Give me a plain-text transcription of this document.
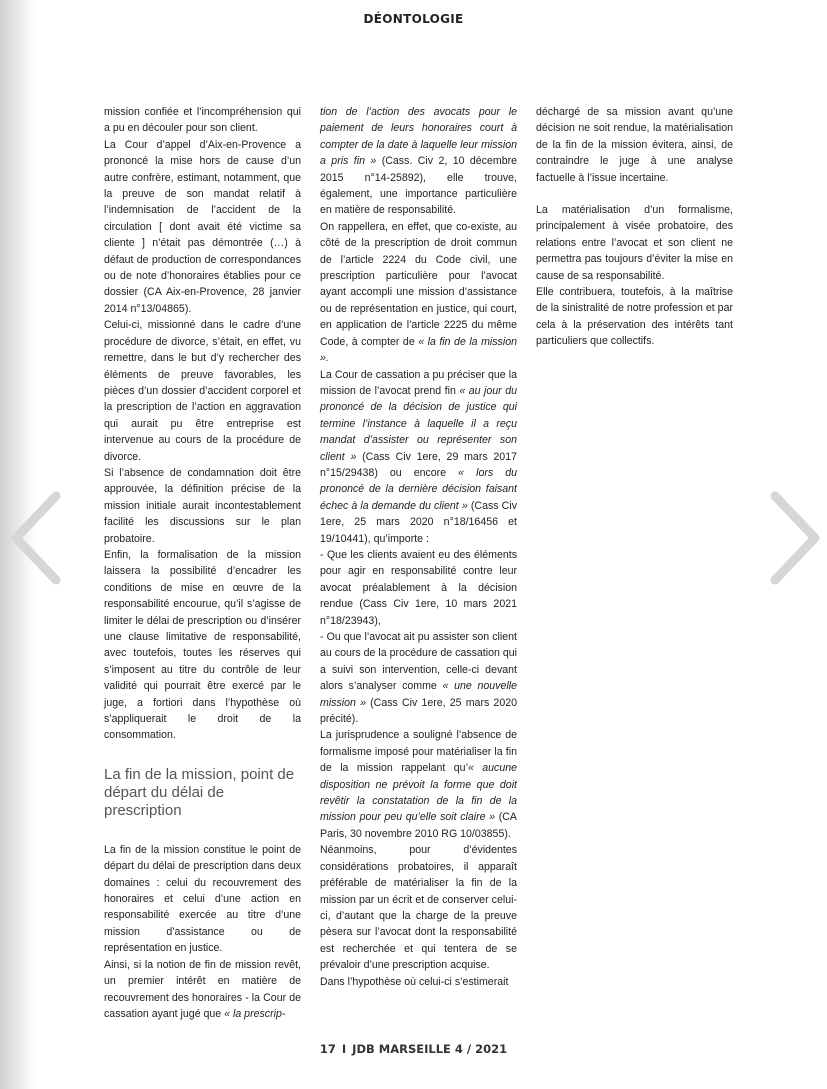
DÉONTOLOGIE

mission confiée et l’incompréhension qui a pu en découler pour son client.

La Cour d’appel d’Aix-en-Provence a prononcé la mise hors de cause d’un autre confrère, estimant, notamment, que la preuve de son mandat relatif à l’indemnisation de l’accident de la circulation [ dont avait été victime sa cliente ] n’était pas démontrée (…) à défaut de production de correspondances ou de note d’honoraires établies pour ce dossier (CA Aix-en-Provence, 28 janvier 2014 n°13/04865).

Celui-ci, missionné dans le cadre d’une procédure de divorce, s’était, en effet, vu remettre, dans le but d’y rechercher des éléments de preuve favorables, les pièces d’un dossier d’accident corporel et la prescription de l’action en aggravation qui aurait pu être entreprise est intervenue au cours de la procédure de divorce.

Si l’absence de condamnation doit être approuvée, la définition précise de la mission initiale aurait incontestablement facilité les discussions sur le plan probatoire.

Enfin, la formalisation de la mission laissera la possibilité d’encadrer les conditions de mise en œuvre de la responsabilité encourue, qu’il s’agisse de limiter le délai de prescription ou d’insérer une clause limitative de responsabilité, avec toutefois, toutes les réserves qui s’imposent au titre du contrôle de leur validité qui pourrait être exercé par le juge, a fortiori dans l’hypothèse où s’appliquerait le droit de la consommation.

La fin de la mission, point de départ du délai de prescription

La fin de la mission constitue le point de départ du délai de prescription dans deux domaines : celui du recouvrement des honoraires et celui d’une action en responsabilité exercée au titre d’une mission d’assistance ou de représentation en justice.

Ainsi, si la notion de fin de mission revêt, un premier intérêt en matière de recouvrement des honoraires - la Cour de cassation ayant jugé que « la prescrip-

tion de l’action des avocats pour le paiement de leurs honoraires court à compter de la date à laquelle leur mission a pris fin » (Cass. Civ 2, 10 décembre 2015 n°14-25892), elle trouve, également, une importance particulière en matière de responsabilité.

On rappellera, en effet, que co-existe, au côté de la prescription de droit commun de l’article 2224 du Code civil, une prescription particulière pour l’avocat ayant accompli une mission d’assistance ou de représentation en justice, qui court, en application de l’article 2225 du même Code, à compter de « la fin de la mission ».

La Cour de cassation a pu préciser que la mission de l’avocat prend fin « au jour du prononcé de la décision de justice qui termine l’instance à laquelle il a reçu mandat d’assister ou représenter son client » (Cass Civ 1ere, 29 mars 2017 n°15/29438) ou encore « lors du prononcé de la dernière décision faisant échec à la demande du client » (Cass Civ 1ere, 25 mars 2020 n°18/16456 et 19/10441), qu’importe :

- Que les clients avaient eu des éléments pour agir en responsabilité contre leur avocat préalablement à la décision rendue (Cass Civ 1ere, 10 mars 2021 n°18/23943),

- Ou que l’avocat ait pu assister son client au cours de la procédure de cassation qui a suivi son intervention, celle-ci devant alors s’analyser comme « une nouvelle mission » (Cass Civ 1ere, 25 mars 2020 précité).

La jurisprudence a souligné l’absence de formalisme imposé pour matérialiser la fin de la mission rappelant qu’« aucune disposition ne prévoit la forme que doit revêtir la constatation de la fin de la mission pour peu qu’elle soit claire » (CA Paris, 30 novembre 2010 RG 10/03855).

Néanmoins, pour d’évidentes considérations probatoires, il apparaît préférable de matérialiser la fin de la mission par un écrit et de conserver celui-ci, d’autant que la charge de la preuve pèsera sur l’avocat dont la responsabilité est recherchée et qui tentera de se prévaloir d’une prescription acquise.

Dans l’hypothèse où celui-ci s’estimerait

déchargé de sa mission avant qu’une décision ne soit rendue, la matérialisation de la fin de la mission évitera, ainsi, de contraindre le juge à une analyse factuelle à l’issue incertaine.

La matérialisation d’un formalisme, principalement à visée probatoire, des relations entre l’avocat et son client ne permettra pas toujours d’éviter la mise en cause de sa responsabilité.

Elle contribuera, toutefois, à la maîtrise de la sinistralité de notre profession et par cela à la préservation des intérêts tant particuliers que collectifs.

17 I JDB MARSEILLE 4 / 2021
